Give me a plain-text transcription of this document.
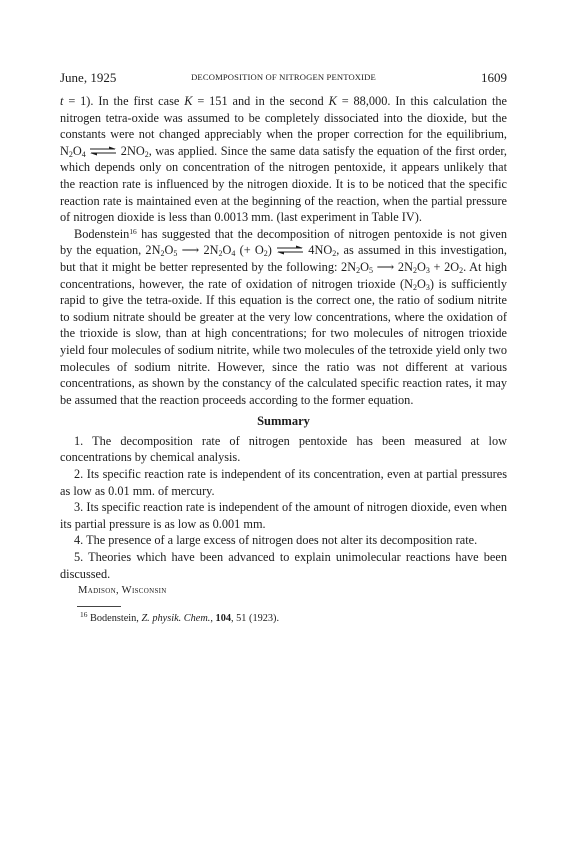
June, 1925	DECOMPOSITION OF NITROGEN PENTOXIDE	1609

t = 1). In the first case K = 151 and in the second K = 88,000. In this calculation the nitrogen tetra-oxide was assumed to be completely dissociated into the dioxide, but the constants were not changed appreciably when the proper correction for the equilibrium, $N_2O_4$ ⇌ $2NO_2$, was applied. Since the same data satisfy the equation of the first order, which depends only on concentration of the nitrogen pentoxide, it appears unlikely that the reaction rate is influenced by the nitrogen dioxide. It is to be noticed that the specific reaction rate is maintained even at the beginning of the reaction, when the partial pressure of nitrogen dioxide is less than 0.0013 mm. (last experiment in Table IV).

Bodenstein$^{16}$ has suggested that the decomposition of nitrogen pentoxide is not given by the equation, $2N_2O_5$ ⟶ $2N_2O_4$ (+ $O_2$) ⇌ $4NO_2$, as assumed in this investigation, but that it might be better represented by the following: $2N_2O_5$ ⟶ $2N_2O_3 + 2O_2$. At high concentrations, however, the rate of oxidation of nitrogen trioxide $(N_2O_3)$ is sufficiently rapid to give the tetra-oxide. If this equation is the correct one, the ratio of sodium nitrite to sodium nitrate should be greater at the very low concentrations, where the oxidation of the trioxide is slow, than at high concentrations; for two molecules of nitrogen trioxide yield four molecules of sodium nitrite, while two molecules of the tetroxide yield only two molecules of sodium nitrite. However, since the ratio was not different at various concentrations, as shown by the constancy of the calculated specific reaction rates, it may be assumed that the reaction proceeds according to the former equation.

Summary

1. The decomposition rate of nitrogen pentoxide has been measured at low concentrations by chemical analysis.

2. Its specific reaction rate is independent of its concentration, even at partial pressures as low as 0.01 mm. of mercury.

3. Its specific reaction rate is independent of the amount of nitrogen dioxide, even when its partial pressure is as low as 0.001 mm.

4. The presence of a large excess of nitrogen does not alter its decomposition rate.

5. Theories which have been advanced to explain unimolecular reactions have been discussed.

Madison, Wisconsin
$^{16}$ Bodenstein, Z. physik. Chem., 104, 51 (1923).
